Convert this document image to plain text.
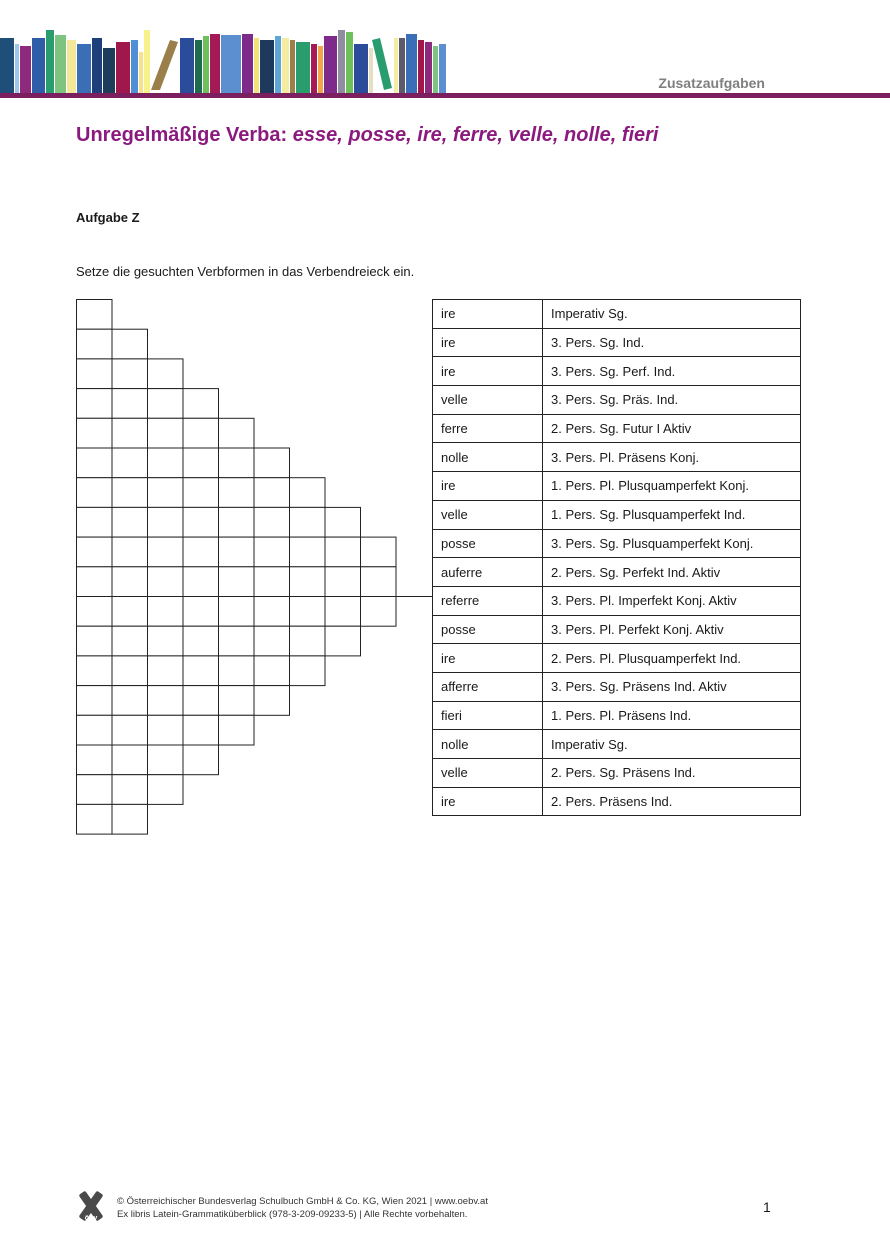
Zusatzaufgaben
Unregelmäßige Verba: esse, posse, ire, ferre, velle, nolle, fieri
Aufgabe Z
Setze die gesuchten Verbformen in das Verbendreieck ein.
ire	Imperativ Sg.
ire	3. Pers. Sg. Ind.
ire	3. Pers. Sg. Perf. Ind.
velle	3. Pers. Sg. Präs. Ind.
ferre	2. Pers. Sg. Futur I Aktiv
nolle	3. Pers. Pl. Präsens Konj.
ire	1. Pers. Pl. Plusquamperfekt Konj.
velle	1. Pers. Sg. Plusquamperfekt Ind.
posse	3. Pers. Sg. Plusquamperfekt Konj.
auferre	2. Pers. Sg. Perfekt Ind. Aktiv
referre	3. Pers. Pl. Imperfekt Konj. Aktiv
posse	3. Pers. Pl. Perfekt Konj. Aktiv
ire	2. Pers. Pl. Plusquamperfekt Ind.
afferre	3. Pers. Sg. Präsens Ind. Aktiv
fieri	1. Pers. Pl. Präsens Ind.
nolle	Imperativ Sg.
velle	2. Pers. Sg. Präsens Ind.
ire	2. Pers. Präsens Ind.
öbv
© Österreichischer Bundesverlag Schulbuch GmbH & Co. KG, Wien 2021 | www.oebv.at
Ex libris Latein-Grammatiküberblick (978-3-209-09233-5) | Alle Rechte vorbehalten.	1
